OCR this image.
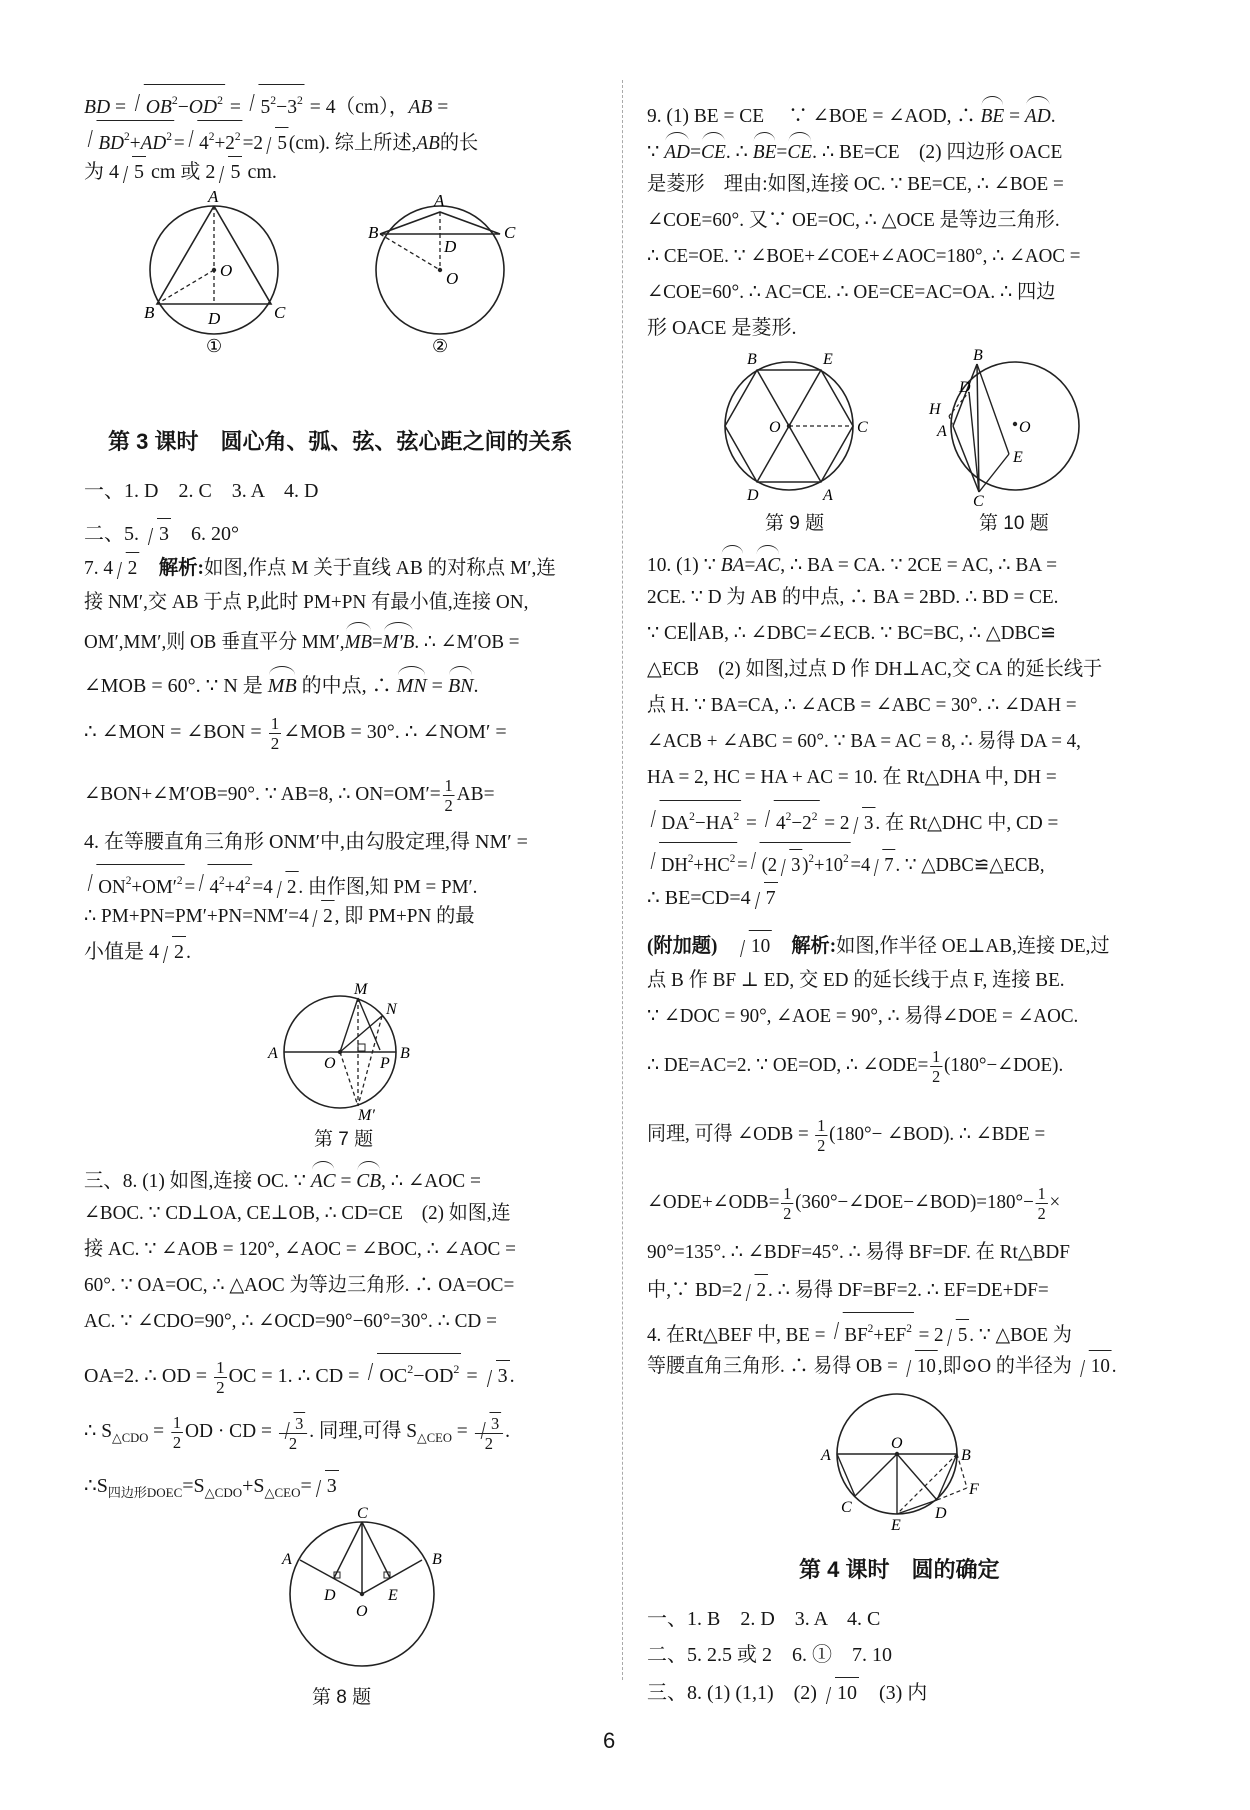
BD = $OB^2-OD^2 = 5^2-3^2 = 4(cm)$，AB =
$BD^2+AD^2= 4^2+2^2=2$ 5(cm). 综上所述,AB的长
为 4 5 cm 或 2 5 cm.
A
O
B	D	C
①
A
B
D
C
O
②
第 3 课时　圆心角、弧、弦、弦心距之间的关系
一、1. D　2. C　3. A　4. D
二、5. 3　6. 20°
7. 4 2　解析:如图,作点 M 关于直线 AB 的对称点 M′,连
接 NM′,交 AB 于点 P,此时 PM+PN 有最小值,连接 ON,
OM′,MM′,则 OB 垂直平分 MM′,MB=M′B. ∴ ∠M′OB =
∠MOB = 60°. ∵ N 是 MB 的中点, ∴ MN = BN.
∴ ∠MON = ∠BON = $\frac{1}{2}$ ∠MOB = 30°. ∴ ∠NOM′ =
∠BON+∠M′OB=90°. ∵ AB=8, ∴ $ON=OM'= \frac{1}{2} AB=$
4. 在等腰直角三角形 ONM′中,由勾股定理,得 NM′ =
$ON^2+OM'^2= 4^2+4^2=4$ 2. 由作图,知 PM = PM′.
∴ PM+PN=PM′+PN=NM′=4 2, 即 PM+PN 的最
小值是 4 2 .
M
N
A
O	P
B
M′
第 7 题
三、8. (1) 如图,连接 OC. ∵ AC = CB, ∴ ∠AOC =
∠BOC. ∵ CD⊥OA, CE⊥OB, ∴ CD=CE　(2) 如图,连
接 AC. ∵ ∠AOB = 120°, ∠AOC = ∠BOC, ∴ ∠AOC =
60°. ∵ OA=OC, ∴ △AOC 为等边三角形. ∴ OA=OC=
AC. ∵ ∠CDO=90°, ∴ ∠OCD=90°−60°=30°. ∴ CD =
OA=2. ∴ OD = $\frac{1}{2}$ OC = 1. ∴ CD = $OC^2-OD^2 = 3$ .
∴ $S_{\triangle CDO} = \frac{1}{2}$ OD · CD = $\frac{3}{2}$ . 同理,可得 $S_{\triangle CEO} = \frac{3}{2}$ .
$\therefore S_{四边形DOEC}=S_{\triangle CDO}+S_{\triangle CEO}= 3$
C
A	B
D	E
O
第 8 题
9. (1) BE = CE　 ∵ ∠BOE = ∠AOD, ∴ BE = AD.
∵ AD=CE. ∴ BE=CE. ∴ BE=CE　(2) 四边形 OACE
是菱形　理由:如图,连接 OC. ∵ BE=CE, ∴ ∠BOE =
∠COE=60°. 又∵ OE=OC, ∴ △OCE 是等边三角形.
∴ CE=OE. ∵ ∠BOE+∠COE+∠AOC=180°, ∴ ∠AOC =
∠COE=60°. ∴ AC=CE. ∴ OE=CE=AC=OA. ∴ 四边
形 OACE 是菱形.
B	E
O	C
D	A
第 9 题
B
D
H
A	O
E
C
第 10 题
10. (1) ∵ BA=AC, ∴ BA = CA. ∵ 2CE = AC, ∴ BA =
2CE. ∵ D 为 AB 的中点, ∴ BA = 2BD. ∴ BD = CE.
∵ CE∥AB, ∴ ∠DBC=∠ECB. ∵ BC=BC, ∴ △DBC≌
△ECB　(2) 如图,过点 D 作 DH⊥AC,交 CA 的延长线于
点 H. ∵ BA=CA, ∴ ∠ACB = ∠ABC = 30°. ∴ ∠DAH =
∠ACB + ∠ABC = 60°. ∵ BA = AC = 8, ∴ 易得 DA = 4,
HA = 2, HC = HA + AC = 10. 在 Rt△DHA 中, DH =
$DA^2-HA^2 = 4^2-2^2 = 2$ 3. 在 Rt△DHC 中, CD =
$DH^2+HC^2= (2$ $3)^2+10^2=4$ 7. ∵ △DBC≌△ECB,
∴ BE=CD=4 7
(附加题)　10　解析:如图,作半径 OE⊥AB,连接 DE,过
点 B 作 BF ⊥ ED, 交 ED 的延长线于点 F, 连接 BE.
∵ ∠DOC = 90°, ∠AOE = 90°, ∴ 易得∠DOE = ∠AOC.
∴ DE=AC=2. ∵ OE=OD, ∴ ∠ODE= $\frac{1}{2}$ (180°−∠DOE).
同理, 可得 ∠ODB = $\frac{1}{2} (180^\circ-$ ∠BOD). ∴ ∠BDE =
∠ODE+∠ODB= $\frac{1}{2}$ (360°−∠DOE−∠BOD)=180°− $\frac{1}{2}$ ×
90°=135°. ∴ ∠BDF=45°. ∴ 易得 BF=DF. 在 Rt△BDF
中,∵ BD=2 2. ∴ 易得 DF=BF=2. ∴ EF=DE+DF=
4. 在Rt△BEF 中, BE = $BF^2+EF^2 = 2$ 5. ∵ △BOE 为
等腰直角三角形. ∴ 易得 OB = 10,即⊙O 的半径为 10.
O
A	B
C
E
D
F
第 4 课时　圆的确定
一、1. B　2. D　3. A　4. C
二、5. 2.5 或 2　6. ①　7. 10
三、8. (1) (1,1)　(2) 10　(3) 内
6
